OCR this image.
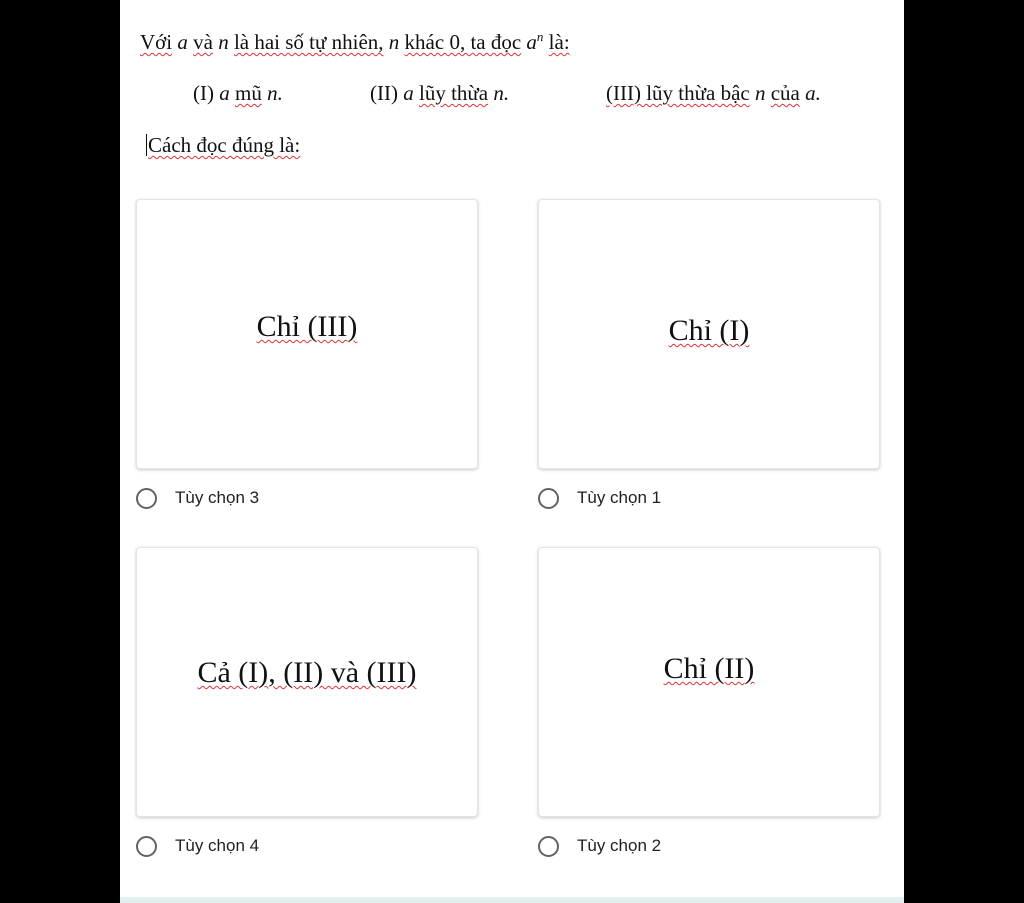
Với a và n là hai số tự nhiên, n khác 0, ta đọc $a^n$ là:
(I) a mũ n.	(II) a lũy thừa n.	(III) lũy thừa bậc n của a.
Cách đọc đúng là:
Chỉ (III)
Tùy chọn 3
Chỉ (I)
Tùy chọn 1
Cả (I), (II) và (III)
Tùy chọn 4
Chỉ (II)
Tùy chọn 2
